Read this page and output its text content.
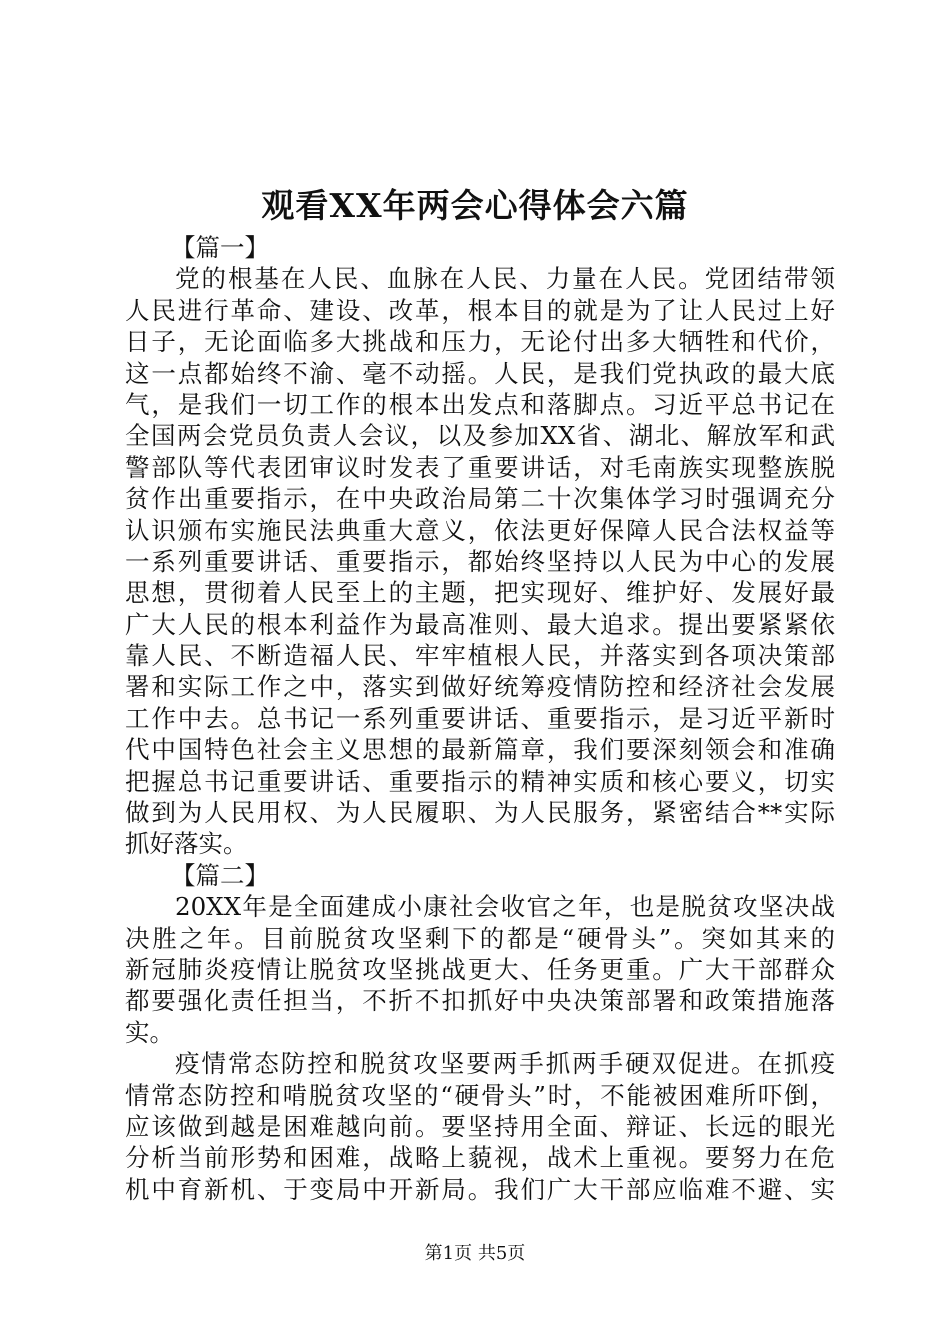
观看XX年两会心得体会六篇
【篇一】
党的根基在人民、血脉在人民、力量在人民。党团结带领
人民进行革命、建设、改革，根本目的就是为了让人民过上好
日子，无论面临多大挑战和压力，无论付出多大牺牲和代价，
这一点都始终不渝、毫不动摇。人民，是我们党执政的最大底
气，是我们一切工作的根本出发点和落脚点。习近平总书记在
全国两会党员负责人会议，以及参加XX省、湖北、解放军和武
警部队等代表团审议时发表了重要讲话，对毛南族实现整族脱
贫作出重要指示，在中央政治局第二十次集体学习时强调充分
认识颁布实施民法典重大意义，依法更好保障人民合法权益等
一系列重要讲话、重要指示，都始终坚持以人民为中心的发展
思想，贯彻着人民至上的主题，把实现好、维护好、发展好最
广大人民的根本利益作为最高准则、最大追求。提出要紧紧依
靠人民、不断造福人民、牢牢植根人民，并落实到各项决策部
署和实际工作之中，落实到做好统筹疫情防控和经济社会发展
工作中去。总书记一系列重要讲话、重要指示，是习近平新时
代中国特色社会主义思想的最新篇章，我们要深刻领会和准确
把握总书记重要讲话、重要指示的精神实质和核心要义，切实
做到为人民用权、为人民履职、为人民服务，紧密结合**实际
抓好落实。
【篇二】
20XX年是全面建成小康社会收官之年，也是脱贫攻坚决战
决胜之年。目前脱贫攻坚剩下的都是“硬骨头”。突如其来的
新冠肺炎疫情让脱贫攻坚挑战更大、任务更重。广大干部群众
都要强化责任担当，不折不扣抓好中央决策部署和政策措施落
实。
疫情常态防控和脱贫攻坚要两手抓两手硬双促进。在抓疫
情常态防控和啃脱贫攻坚的“硬骨头”时，不能被困难所吓倒，
应该做到越是困难越向前。要坚持用全面、辩证、长远的眼光
分析当前形势和困难，战略上藐视，战术上重视。要努力在危
机中育新机、于变局中开新局。我们广大干部应临难不避、实
第1页 共5页
